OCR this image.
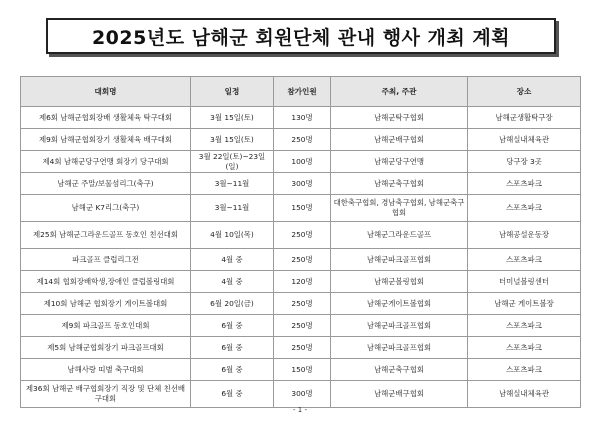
2025년도 남해군 회원단체 관내 행사 개최 계획
대회명	일정	참가인원	주최, 주관	장소
제6회 남해군협회장배 생활체육 탁구대회	3월 15일(토)	130명	남해군탁구협회	남해군생활탁구장
제9회 남해군협회장기 생활체육 배구대회	3월 15일(토)	250명	남해군배구협회	남해실내체육관
제4회 남해군당구연맹 회장기 당구대회	3월 22일(토)~23일(일)	100명	남해군당구연맹	당구장 3곳
남해군 주말/보물섬리그(축구)	3월~11월	300명	남해군축구협회	스포츠파크
남해군 K7리그(축구)	3월~11월	150명	대한축구협회, 경남축구협회, 남해군축구협회	스포츠파크
제25회 남해군그라운드골프 동호인 친선대회	4월 10일(목)	250명	남해군그라운드골프	남해공설운동장
파크골프 클럽리그전	4월 중	250명	남해군파크골프협회	스포츠파크
제14회 협회장배학생,장애인 클럽볼링대회	4월 중	120명	남해군볼링협회	터미널볼링센터
제10회 남해군 협회장기 게이트볼대회	6월 20일(금)	250명	남해군게이트볼협회	남해군 게이트볼장
제9회 파크골프 동호인대회	6월 중	250명	남해군파크골프협회	스포츠파크
제5회 남해군협회장기 파크골프대회	6월 중	250명	남해군파크골프협회	스포츠파크
남해사랑 띠별 축구대회	6월 중	150명	남해군축구협회	스포츠파크
제36회 남해군 배구협회장기 직장 및 단체 친선배구대회	6월 중	300명	남해군배구협회	남해실내체육관
- 1 -
